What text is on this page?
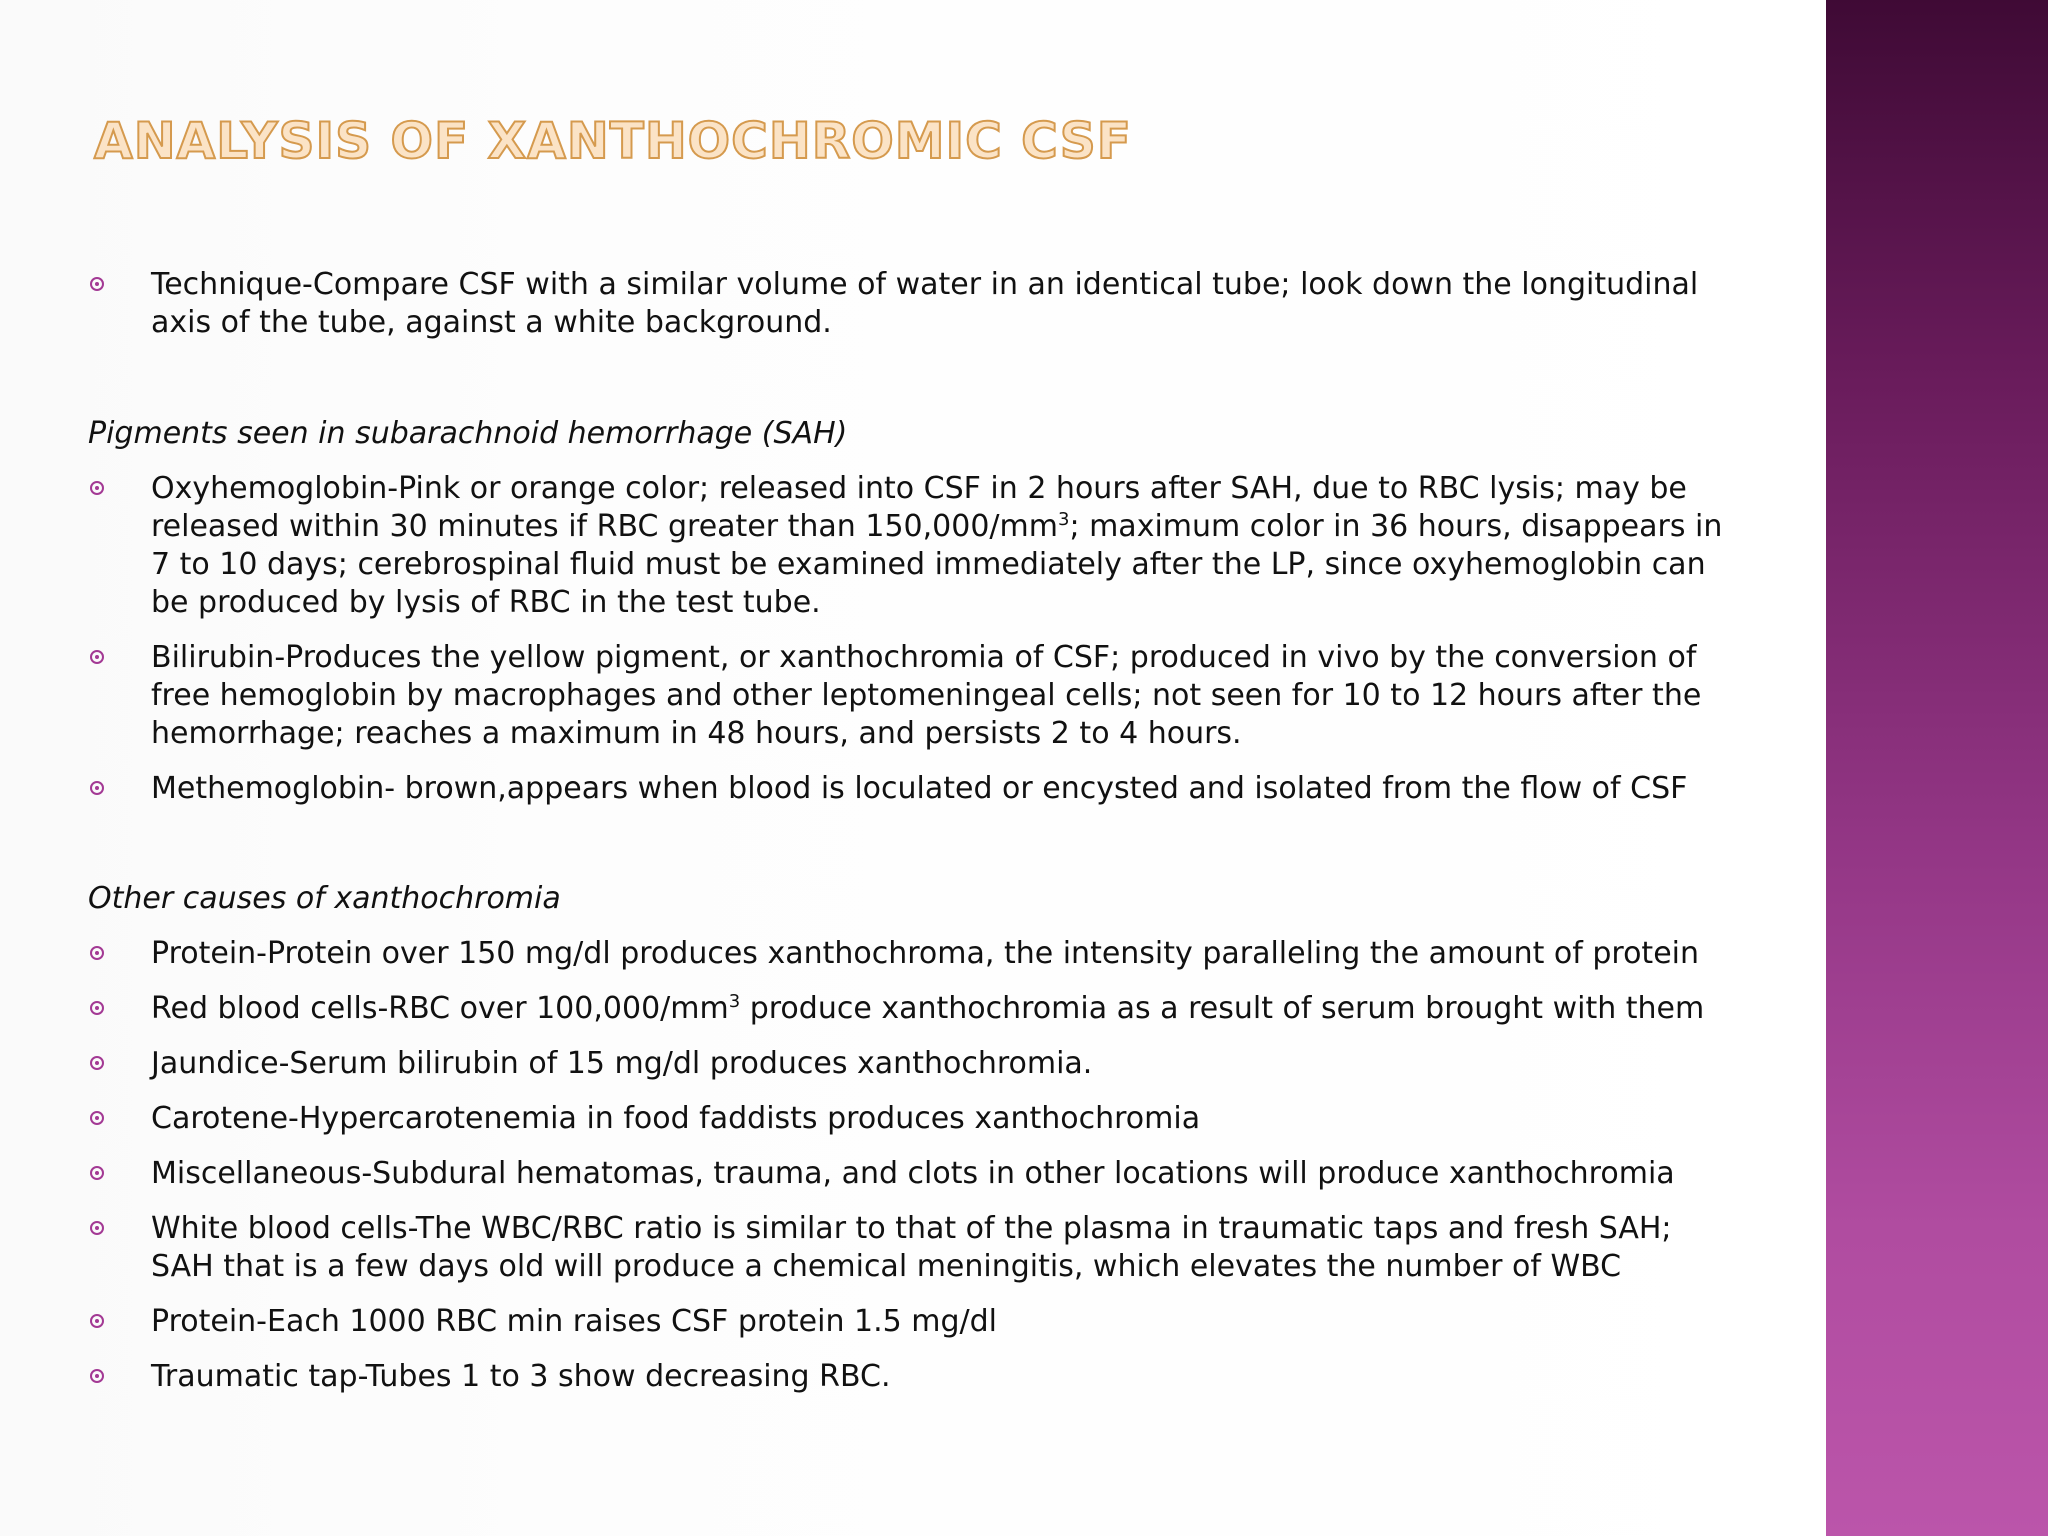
ANALYSIS OF XANTHOCHROMIC CSF
Technique-Compare CSF with a similar volume of water in an identical tube; look down the longitudinal axis of the tube, against a white background.
Pigments seen in subarachnoid hemorrhage (SAH)
Oxyhemoglobin-Pink or orange color; released into CSF in 2 hours after SAH, due to RBC lysis; may be released within 30 minutes if RBC greater than $150,000/mm^3$; maximum color in 36 hours, disappears in 7 to 10 days; cerebrospinal fluid must be examined immediately after the LP, since oxyhemoglobin can be produced by lysis of RBC in the test tube.
Bilirubin-Produces the yellow pigment, or xanthochromia of CSF; produced in vivo by the conversion of free hemoglobin by macrophages and other leptomeningeal cells; not seen for 10 to 12 hours after the hemorrhage; reaches a maximum in 48 hours, and persists 2 to 4 hours.
Methemoglobin- brown,appears when blood is loculated or encysted and isolated from the flow of CSF
Other causes of xanthochromia
Protein-Protein over 150 mg/dl produces xanthochroma, the intensity paralleling the amount of protein
Red blood cells-RBC over $100,000/mm^3$ produce xanthochromia as a result of serum brought with them
Jaundice-Serum bilirubin of 15 mg/dl produces xanthochromia.
Carotene-Hypercarotenemia in food faddists produces xanthochromia
Miscellaneous-Subdural hematomas, trauma, and clots in other locations will produce xanthochromia
White blood cells-The WBC/RBC ratio is similar to that of the plasma in traumatic taps and fresh SAH; SAH that is a few days old will produce a chemical meningitis, which elevates the number of WBC
Protein-Each 1000 RBC min raises CSF protein 1.5 mg/dl
Traumatic tap-Tubes 1 to 3 show decreasing RBC.
